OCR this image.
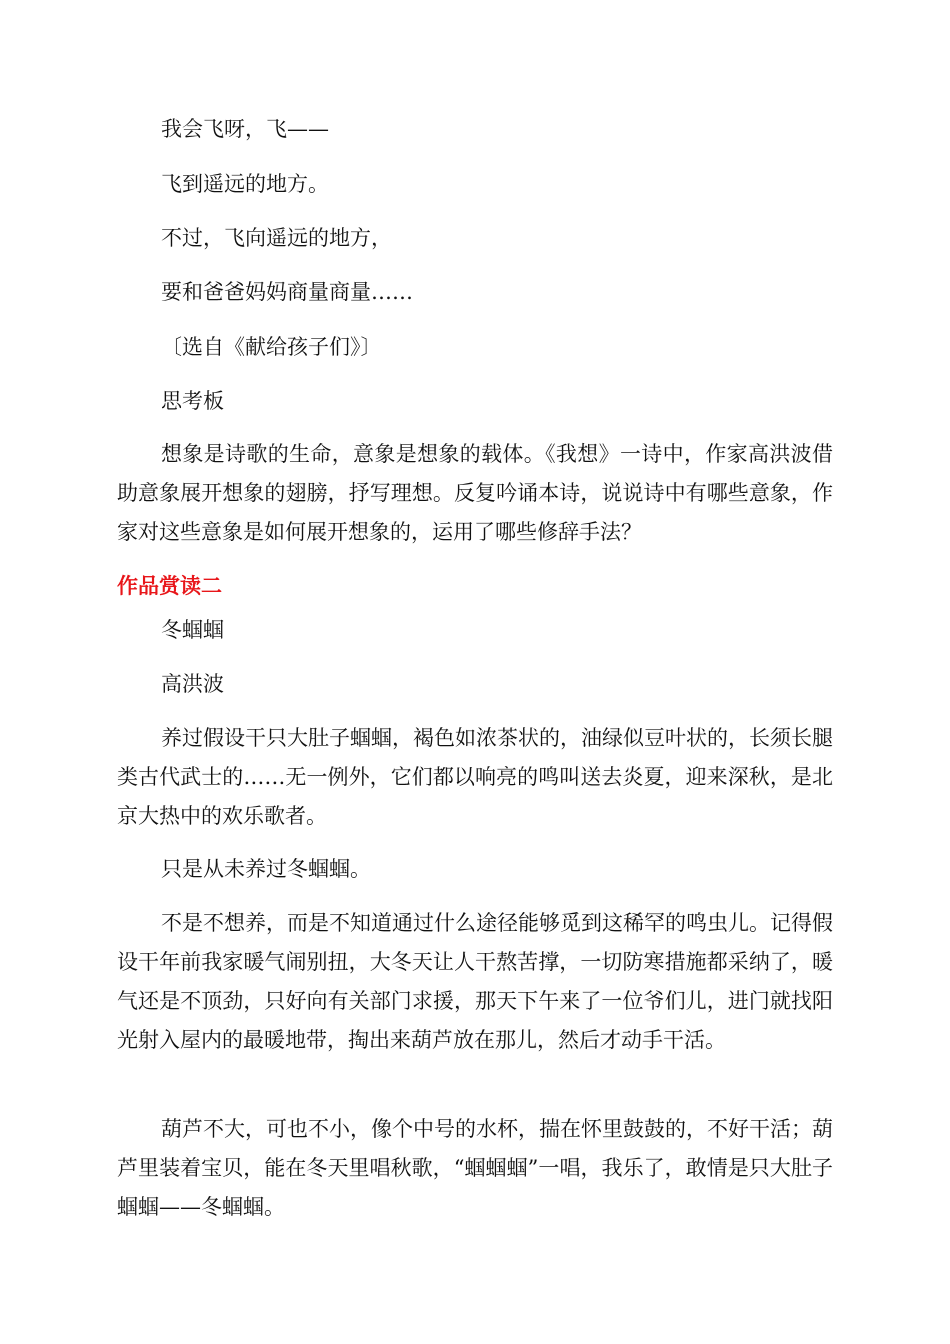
我会飞呀，飞——
飞到遥远的地方。
不过，飞向遥远的地方，
要和爸爸妈妈商量商量……
〔选自《献给孩子们》〕
思考板
想象是诗歌的生命，意象是想象的载体。《我想》一诗中，作家高洪波借助意象展开想象的翅膀，抒写理想。反复吟诵本诗，说说诗中有哪些意象，作家对这些意象是如何展开想象的，运用了哪些修辞手法？
作品赏读二
冬蝈蝈
高洪波
养过假设干只大肚子蝈蝈，褐色如浓茶状的，油绿似豆叶状的，长须长腿类古代武士的……无一例外，它们都以响亮的鸣叫送去炎夏，迎来深秋，是北京大热中的欢乐歌者。
只是从未养过冬蝈蝈。
不是不想养，而是不知道通过什么途径能够觅到这稀罕的鸣虫儿。记得假设干年前我家暖气闹别扭，大冬天让人干熬苦撑，一切防寒措施都采纳了，暖气还是不顶劲，只好向有关部门求援，那天下午来了一位爷们儿，进门就找阳光射入屋内的最暖地带，掏出来葫芦放在那儿，然后才动手干活。
葫芦不大，可也不小，像个中号的水杯，揣在怀里鼓鼓的，不好干活；葫芦里装着宝贝，能在冬天里唱秋歌，“蝈蝈蝈”一唱，我乐了，敢情是只大肚子蝈蝈——冬蝈蝈。
